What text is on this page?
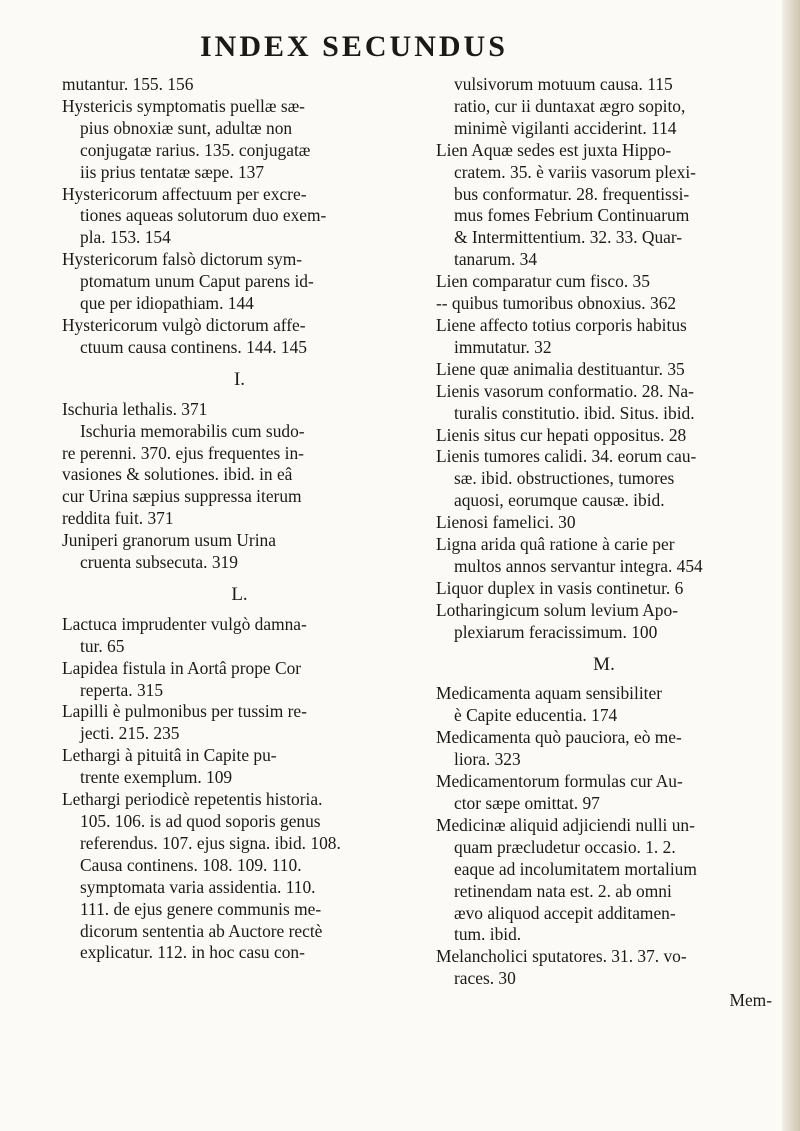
INDEX SECUNDUS
mutantur. 155. 156
Hystericis symptomatis puellæ sæ-
pius obnoxiæ sunt, adultæ non
conjugatæ rarius. 135. conjugatæ
iis prius tentatæ sæpe. 137
Hystericorum affectuum per excre-
tiones aqueas solutorum duo exem-
pla. 153. 154
Hystericorum falsò dictorum sym-
ptomatum unum Caput parens id-
que per idiopathiam. 144
Hystericorum vulgò dictorum affe-
ctuum causa continens. 144. 145
I.
Ischuria lethalis. 371
Ischuria memorabilis cum sudo-
re perenni. 370. ejus frequentes in-
vasiones & solutiones. ibid. in eâ
cur Urina sæpius suppressa iterum
reddita fuit. 371
Juniperi granorum usum Urina
cruenta subsecuta. 319
L.
Lactuca imprudenter vulgò damna-
tur. 65
Lapidea fistula in Aortâ prope Cor
reperta. 315
Lapilli è pulmonibus per tussim re-
jecti. 215. 235
Lethargi à pituitâ in Capite pu-
trente exemplum. 109
Lethargi periodicè repetentis historia.
105. 106. is ad quod soporis genus
referendus. 107. ejus signa. ibid. 108.
Causa continens. 108. 109. 110.
symptomata varia assidentia. 110.
111. de ejus genere communis me-
dicorum sententia ab Auctore rectè
explicatur. 112. in hoc casu con-
vulsivorum motuum causa. 115
ratio, cur ii duntaxat ægro sopito,
minimè vigilanti acciderint. 114
Lien Aquæ sedes est juxta Hippo-
cratem. 35. è variis vasorum plexi-
bus conformatur. 28. frequentissi-
mus fomes Febrium Continuarum
& Intermittentium. 32. 33. Quar-
tanarum. 34
Lien comparatur cum fisco. 35
-- quibus tumoribus obnoxius. 362
Liene affecto totius corporis habitus
immutatur. 32
Liene quæ animalia destituantur. 35
Lienis vasorum conformatio. 28. Na-
turalis constitutio. ibid. Situs. ibid.
Lienis situs cur hepati oppositus. 28
Lienis tumores calidi. 34. eorum cau-
sæ. ibid. obstructiones, tumores
aquosi, eorumque causæ. ibid.
Lienosi famelici. 30
Ligna arida quâ ratione à carie per
multos annos servantur integra. 454
Liquor duplex in vasis continetur. 6
Lotharingicum solum levium Apo-
plexiarum feracissimum. 100
M.
Medicamenta aquam sensibiliter
è Capite educentia. 174
Medicamenta quò pauciora, eò me-
liora. 323
Medicamentorum formulas cur Au-
ctor sæpe omittat. 97
Medicinæ aliquid adjiciendi nulli un-
quam præcludetur occasio. 1. 2.
eaque ad incolumitatem mortalium
retinendam nata est. 2. ab omni
ævo aliquod accepit additamen-
tum. ibid.
Melancholici sputatores. 31. 37. vo-
races. 30
Mem-
